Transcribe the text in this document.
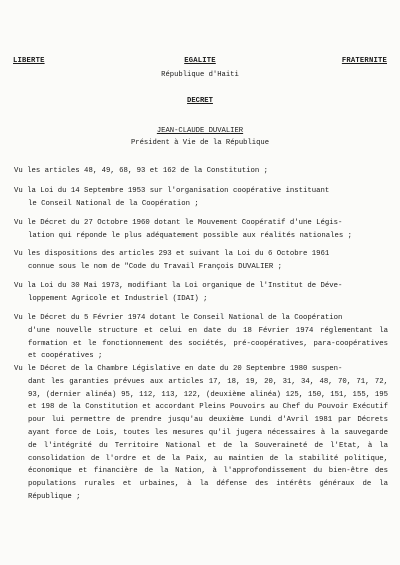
LIBERTE	EGALITE	FRATERNITE
République d'Haiti
DECRET
JEAN-CLAUDE DUVALIER
Président à Vie de la République
Vu les articles 48, 49, 68, 93 et 162 de la Constitution ;
Vu la Loi du 14 Septembre 1953 sur l'organisation coopérative instituant
le Conseil National de la Coopération ;
Vu le Décret du 27 Octobre 1960 dotant le Mouvement Coopératif d'une Légis-
lation qui réponde le plus adéquatement possible aux réalités nationales ;
Vu les dispositions des articles 293 et suivant la Loi du 6 Octobre 1961
connue sous le nom de "Code du Travail François DUVALIER ;
Vu la Loi du 30 Mai 1973, modifiant la Loi organique de l'Institut de Déve-
loppement Agricole et Industriel (IDAI) ;
Vu le Décret du 5 Février 1974 dotant le Conseil National de la Coopération
d'une nouvelle structure et celui en date du 18 Février 1974 réglementant la formation et le fonctionnement des sociétés, pré-coopératives, para-coopératives et coopératives ;
Vu le Décret de la Chambre Législative en date du 20 Septembre 1980 suspen-
dant les garanties prévues aux articles 17, 18, 19, 20, 31, 34, 48, 70, 71, 72, 93, (dernier alinéa) 95, 112, 113, 122, (deuxième alinéa) 125, 150, 151, 155, 195 et 198 de la Constitution et accordant Pleins Pouvoirs au Chef du Pouvoir Exécutif pour lui permettre de prendre jusqu'au deuxième Lundi d'Avril 1981 par Décrets ayant force de Lois, toutes les mesures qu'il jugera nécessaires à la sauvegarde de l'intégrité du Territoire National et de la Souveraineté de l'Etat, à la consolidation de l'ordre et de la Paix, au maintien de la stabilité politique, économique et financière de la Nation, à l'approfondissement du bien-être des populations rurales et urbaines, à la défense des intérêts généraux de la République ;
